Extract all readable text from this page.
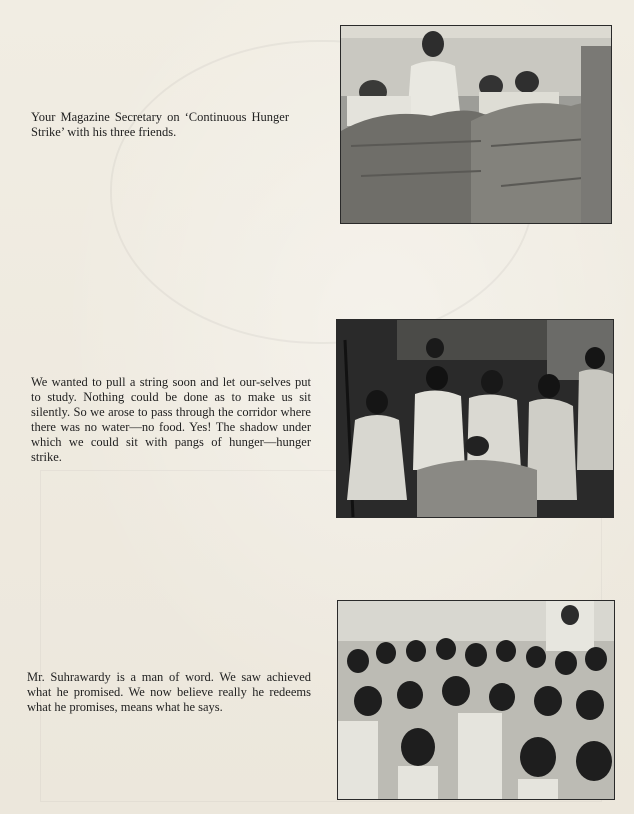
Your Magazine Secretary on ‘Continuous Hunger Strike’ with his three friends.

We wanted to pull a string soon and let our-selves put to study. Nothing could be done as to make us sit silently. So we arose to pass through the corridor where there was no water—no food. Yes! The shadow under which we could sit with pangs of hunger—hunger strike.

Mr. Suhrawardy is a man of word. We saw achieved what he promised. We now believe really he redeems what he promises, means what he says.
